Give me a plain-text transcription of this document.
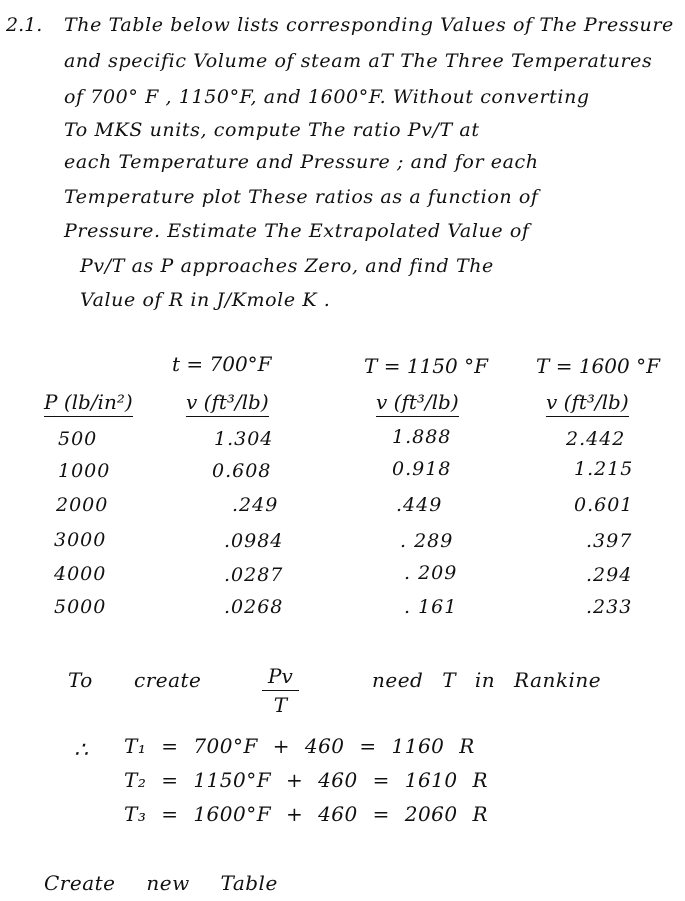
2.1. The Table below lists corresponding Values of The Pressure
and specific Volume of steam aT The Three Temperatures
of 700° F , 1150°F, and 1600°F. Without converting
To MKS units, compute The ratio Pv/T at
each Temperature and Pressure ; and for each
Temperature plot These ratios as a function of
Pressure. Estimate The Extrapolated Value of
Pv/T as P approaches Zero, and find The
Value of R in J/Kmole K .
t = 700°F	T = 1150 °F T = 1600 °F
P (lb/in²)	v (ft³/lb)	v (ft³/lb)	v (ft³/lb)
500	1.304	1.888	2.442
1000	0.608	0.918	1.215
2000	.249	.449	0.601
3000	.0984	. 289	.397
4000	.0287	. 209	.294
5000	.0268	. 161	.233
To create	$\frac{Pv}{T}$	need T in Rankine
∴ T₁ = 700°F + 460 = 1160 R
T₂ = 1150°F + 460 = 1610 R
T₃ = 1600°F + 460 = 2060 R
Create new Table
